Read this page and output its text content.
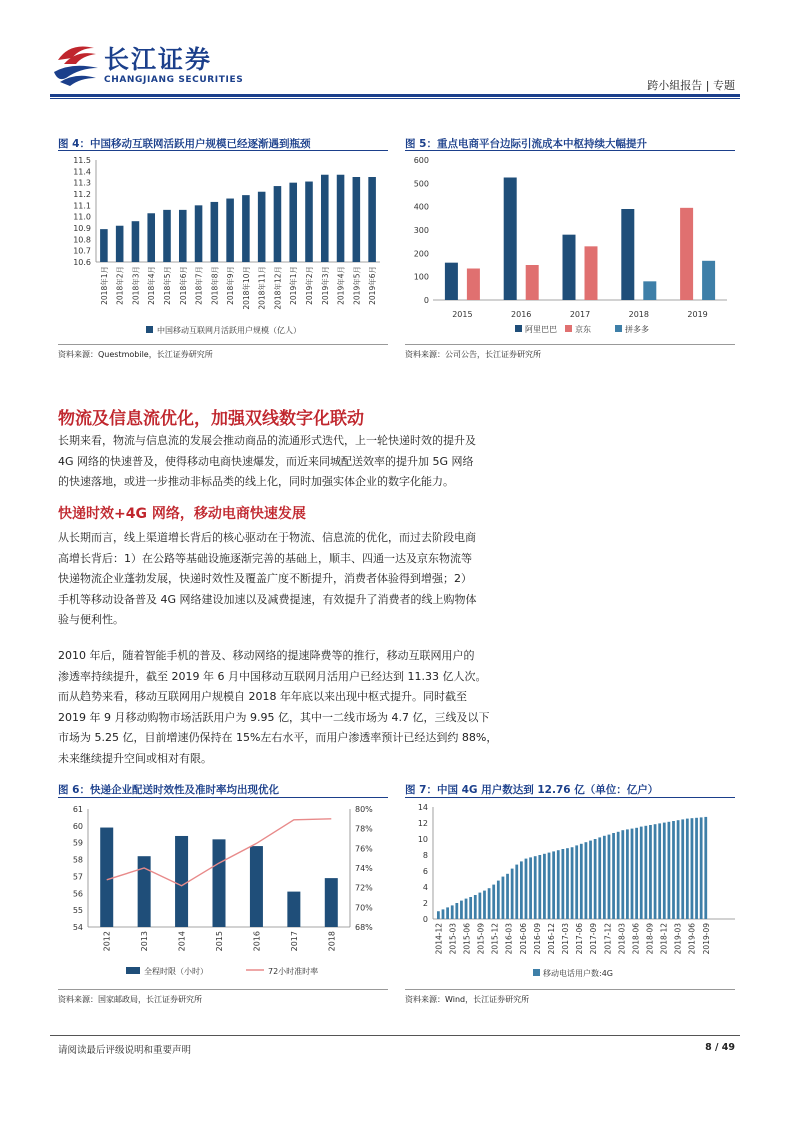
长江证券
CHANGJIANG SECURITIES	跨小組报告 | 专题
图 4：中国移动互联网活跃用户规模已经逐渐遇到瓶颈
10.6
10.7
10.8
10.9
11.0
11.1
11.2
11.3
11.4
11.5
2018年1月 2018年2月 2018年3月 2018年4月 2018年5月 2018年6月 2018年7月 2018年8月 2018年9月 2018年10月 2018年11月 2018年12月 2019年1月 2019年2月 2019年3月 2019年4月 2019年5月 2019年6月
中国移动互联网月活跃用户规模（亿人）
资料来源：Questmobile，长江证券研究所
图 5：重点电商平台边际引流成本中枢持续大幅提升
0
100
200
300
400
500
600
2015	2016	2017	2018	2019
阿里巴巴 京东	拼多多
资料来源：公司公告，长江证券研究所
物流及信息流优化，加强双线数字化联动
长期来看，物流与信息流的发展会推动商品的流通形式迭代，上一轮快递时效的提升及
4G 网络的快速普及，使得移动电商快速爆发，而近来同城配送效率的提升加 5G 网络
的快速落地，或进一步推动非标品类的线上化，同时加强实体企业的数字化能力。
快递时效+4G 网络，移动电商快速发展
从长期而言，线上渠道增长背后的核心驱动在于物流、信息流的优化，而过去阶段电商
高增长背后：1）在公路等基础设施逐渐完善的基础上，顺丰、四通一达及京东物流等
快递物流企业蓬勃发展，快递时效性及覆盖广度不断提升，消费者体验得到增强；2）
手机等移动设备普及 4G 网络建设加速以及减费提速，有效提升了消费者的线上购物体
验与便利性。
2010 年后，随着智能手机的普及、移动网络的提速降费等的推行，移动互联网用户的
渗透率持续提升，截至 2019 年 6 月中国移动互联网月活用户已经达到 11.33 亿人次。
而从趋势来看，移动互联网用户规模自 2018 年年底以来出现中枢式提升。同时截至
2019 年 9 月移动购物市场活跃用户为 9.95 亿，其中一二线市场为 4.7 亿，三线及以下
市场为 5.25 亿，目前增速仍保持在 15%左右水平，而用户渗透率预计已经达到约 88%，
未来继续提升空间或相对有限。
图 6：快递企业配送时效性及准时率均出现优化
54
55
56
57
58
59
60
61
68%
70%
72%
74%
76%
78%
80%
2012	2013	2014	2015	2016	2017	2018
全程时限（小时）	72小时准时率
资料来源：国家邮政局，长江证券研究所
图 7：中国 4G 用户数达到 12.76 亿（单位：亿户）
0
2
4
6
8
10
12
14
2014-12 2015-03 2015-06 2015-09 2015-12 2016-03 2016-06 2016-09 2016-12 2017-03 2017-06 2017-09 2017-12 2018-03 2018-06 2018-09 2018-12 2019-03 2019-06 2019-09
移动电话用户数:4G
资料来源：Wind，长江证券研究所
请阅读最后评级说明和重要声明	8 / 49
